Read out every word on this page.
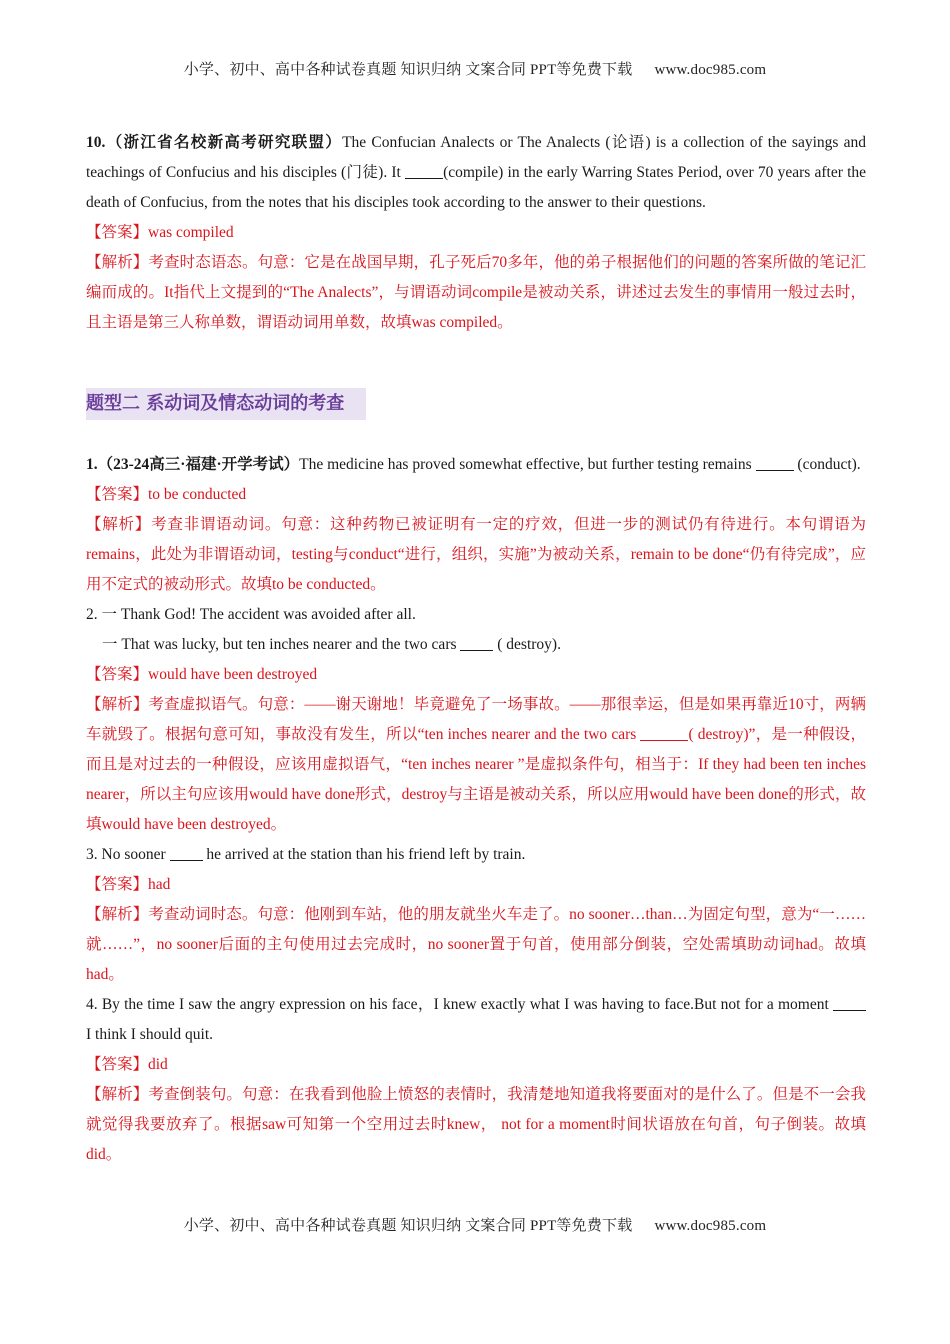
小学、初中、高中各种试卷真题 知识归纳 文案合同 PPT等免费下载 www.doc985.com

10.（浙江省名校新高考研究联盟）The Confucian Analects or The Analects (论语) is a collection of the sayings and teachings of Confucius and his disciples (门徒). It (compile) in the early Warring States Period, over 70 years after the death of Confucius, from the notes that his disciples took according to the answer to their questions.

【答案】was compiled

【解析】考查时态语态。句意：它是在战国早期，孔子死后70多年，他的弟子根据他们的问题的答案所做的笔记汇编而成的。It指代上文提到的“The Analects”，与谓语动词compile是被动关系，讲述过去发生的事情用一般过去时，且主语是第三人称单数，谓语动词用单数，故填was compiled。

题型二 系动词及情态动词的考查

1.（23-24高三·福建·开学考试）The medicine has proved somewhat effective, but further testing remains  (conduct).

【答案】to be conducted

【解析】考查非谓语动词。句意：这种药物已被证明有一定的疗效，但进一步的测试仍有待进行。本句谓语为remains，此处为非谓语动词，testing与conduct“进行，组织，实施”为被动关系，remain to be done“仍有待完成”，应用不定式的被动形式。故填to be conducted。

2. 一 Thank God! The accident was avoided after all.

一 That was lucky, but ten inches nearer and the two cars  ( destroy).

【答案】would have been destroyed

【解析】考查虚拟语气。句意：——谢天谢地！毕竟避免了一场事故。——那很幸运，但是如果再靠近10寸，两辆车就毁了。根据句意可知，事故没有发生，所以“ten inches nearer and the two cars	( destroy)”，是一种假设，而且是对过去的一种假设，应该用虚拟语气，“ten inches nearer ”是虚拟条件句，相当于：If they had been ten inches nearer，所以主句应该用would have done形式，destroy与主语是被动关系，所以应用would have been done的形式，故填would have been destroyed。

3. No sooner  he arrived at the station than his friend left by train.

【答案】had

【解析】考查动词时态。句意：他刚到车站，他的朋友就坐火车走了。no sooner…than…为固定句型，意为“一……就……”，no sooner后面的主句使用过去完成时，no sooner置于句首，使用部分倒装，空处需填助动词had。故填had。

4. By the time I saw the angry expression on his face，I knew exactly what I was having to face.But not for a moment  I think I should quit.

【答案】did

【解析】考查倒装句。句意：在我看到他脸上愤怒的表情时，我清楚地知道我将要面对的是什么了。但是不一会我就觉得我要放弃了。根据saw可知第一个空用过去时knew， not for a moment时间状语放在句首，句子倒装。故填did。

小学、初中、高中各种试卷真题 知识归纳 文案合同 PPT等免费下载 www.doc985.com
